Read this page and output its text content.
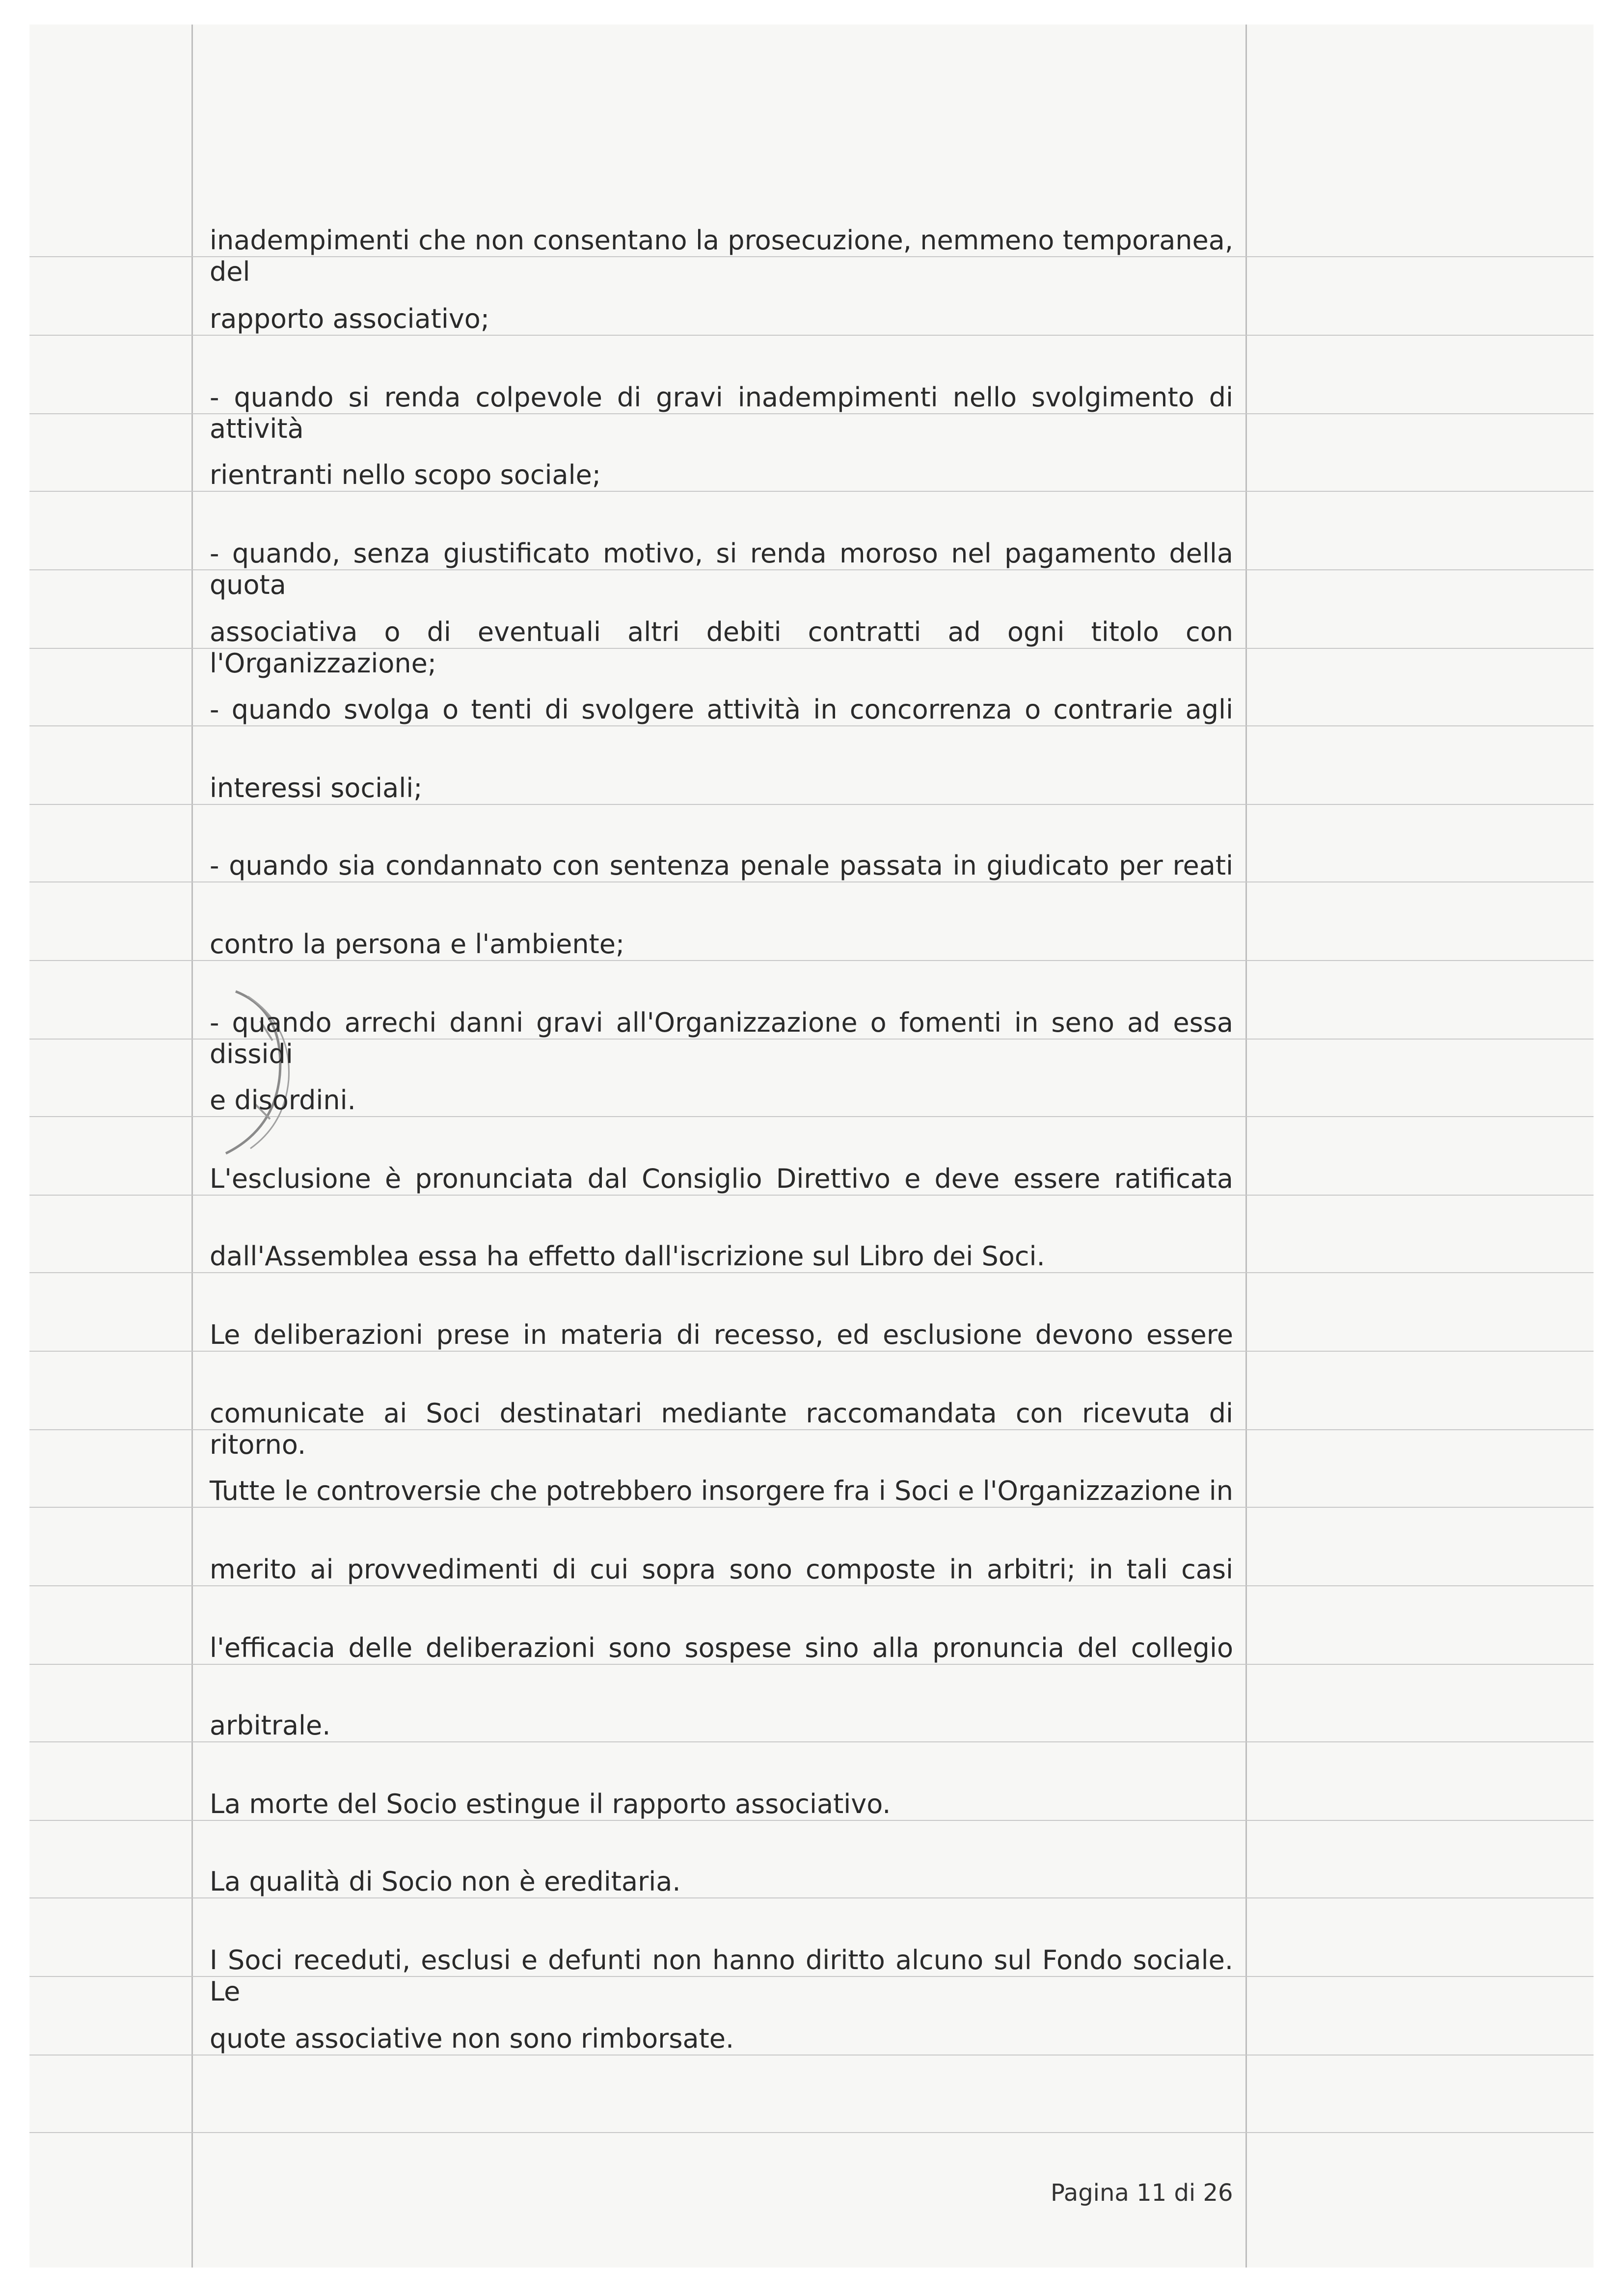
inadempimenti che non consentano la prosecuzione, nemmeno temporanea, del

rapporto associativo;

- quando si renda colpevole di gravi inadempimenti nello svolgimento di attività

rientranti nello scopo sociale;

- quando, senza giustificato motivo, si renda moroso nel pagamento della quota

associativa o di eventuali altri debiti contratti ad ogni titolo con l'Organizzazione;

- quando svolga o tenti di svolgere attività in concorrenza o contrarie agli

interessi sociali;

- quando sia condannato con sentenza penale passata in giudicato per reati

contro la persona e l'ambiente;

- quando arrechi danni gravi all'Organizzazione o fomenti in seno ad essa dissidi

e disordini.

L'esclusione è pronunciata dal Consiglio Direttivo e deve essere ratificata

dall'Assemblea essa ha effetto dall'iscrizione sul Libro dei Soci.

Le deliberazioni prese in materia di recesso, ed esclusione devono essere

comunicate ai Soci destinatari mediante raccomandata con ricevuta di ritorno.

Tutte le controversie che potrebbero insorgere fra i Soci e l'Organizzazione in

merito ai provvedimenti di cui sopra sono composte in arbitri; in tali casi

l'efficacia delle deliberazioni sono sospese sino alla pronuncia del collegio

arbitrale.

La morte del Socio estingue il rapporto associativo.

La qualità di Socio non è ereditaria.

I Soci receduti, esclusi e defunti non hanno diritto alcuno sul Fondo sociale. Le

quote associative non sono rimborsate.

Pagina 11 di 26
